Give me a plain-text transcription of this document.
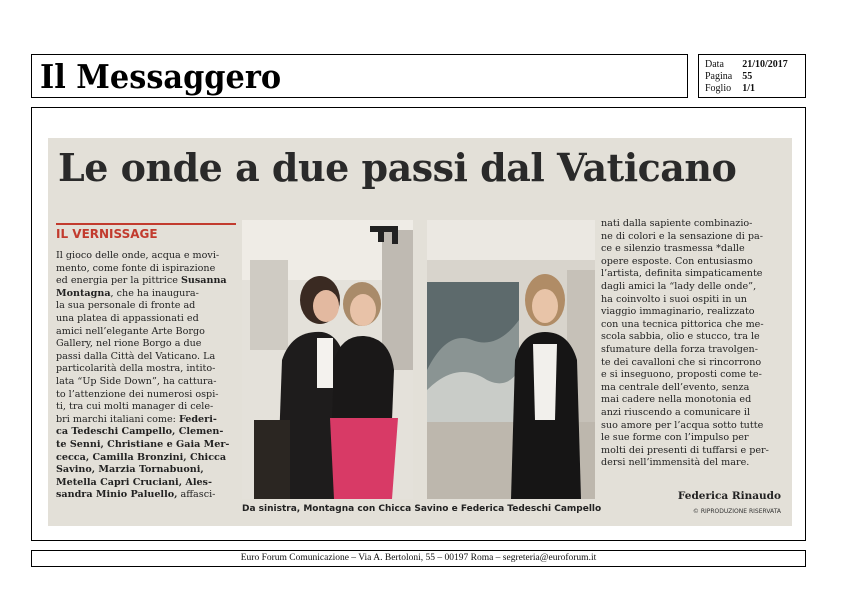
Il Messaggero	Data	21/10/2017
Pagina	55
Foglio	1/1
Le onde a due passi dal Vaticano
IL VERNISSAGE
Il gioco delle onde, acqua e movi-
mento, come fonte di ispirazione
ed energia per la pittrice Susanna
Montagna, che ha inaugura-
la sua personale di fronte ad
una platea di appassionati ed
amici nell’elegante Arte Borgo
Gallery, nel rione Borgo a due
passi dalla Città del Vaticano. La
particolarità della mostra, intito-
lata “Up Side Down”, ha cattura-
to l’attenzione dei numerosi ospi-
ti, tra cui molti manager di cele-
bri marchi italiani come: Federi-
ca Tedeschi Campello, Clemen-
te Senni, Christiane e Gaia Mer-
cecca, Camilla Bronzini, Chicca
Savino, Marzia Tornabuoni,
Metella Capri Cruciani, Ales-
sandra Minio Paluello, affasci-
Da sinistra, Montagna con Chicca Savino e Federica Tedeschi Campello
nati dalla sapiente combinazio-
ne di colori e la sensazione di pa-
ce e silenzio trasmessa *dalle
opere esposte. Con entusiasmo
l’artista, definita simpaticamente
dagli amici la “lady delle onde”,
ha coinvolto i suoi ospiti in un
viaggio immaginario, realizzato
con una tecnica pittorica che me-
scola sabbia, olio e stucco, tra le
sfumature della forza travolgen-
te dei cavalloni che si rincorrono
e si inseguono, proposti come te-
ma centrale dell’evento, senza
mai cadere nella monotonia ed
anzi riuscendo a comunicare il
suo amore per l’acqua sotto tutte
le sue forme con l’impulso per
molti dei presenti di tuffarsi e per-
dersi nell’immensità del mare.
Federica Rinaudo
© RIPRODUZIONE RISERVATA
Euro Forum Comunicazione – Via A. Bertoloni, 55 – 00197 Roma – segreteria@euroforum.it
